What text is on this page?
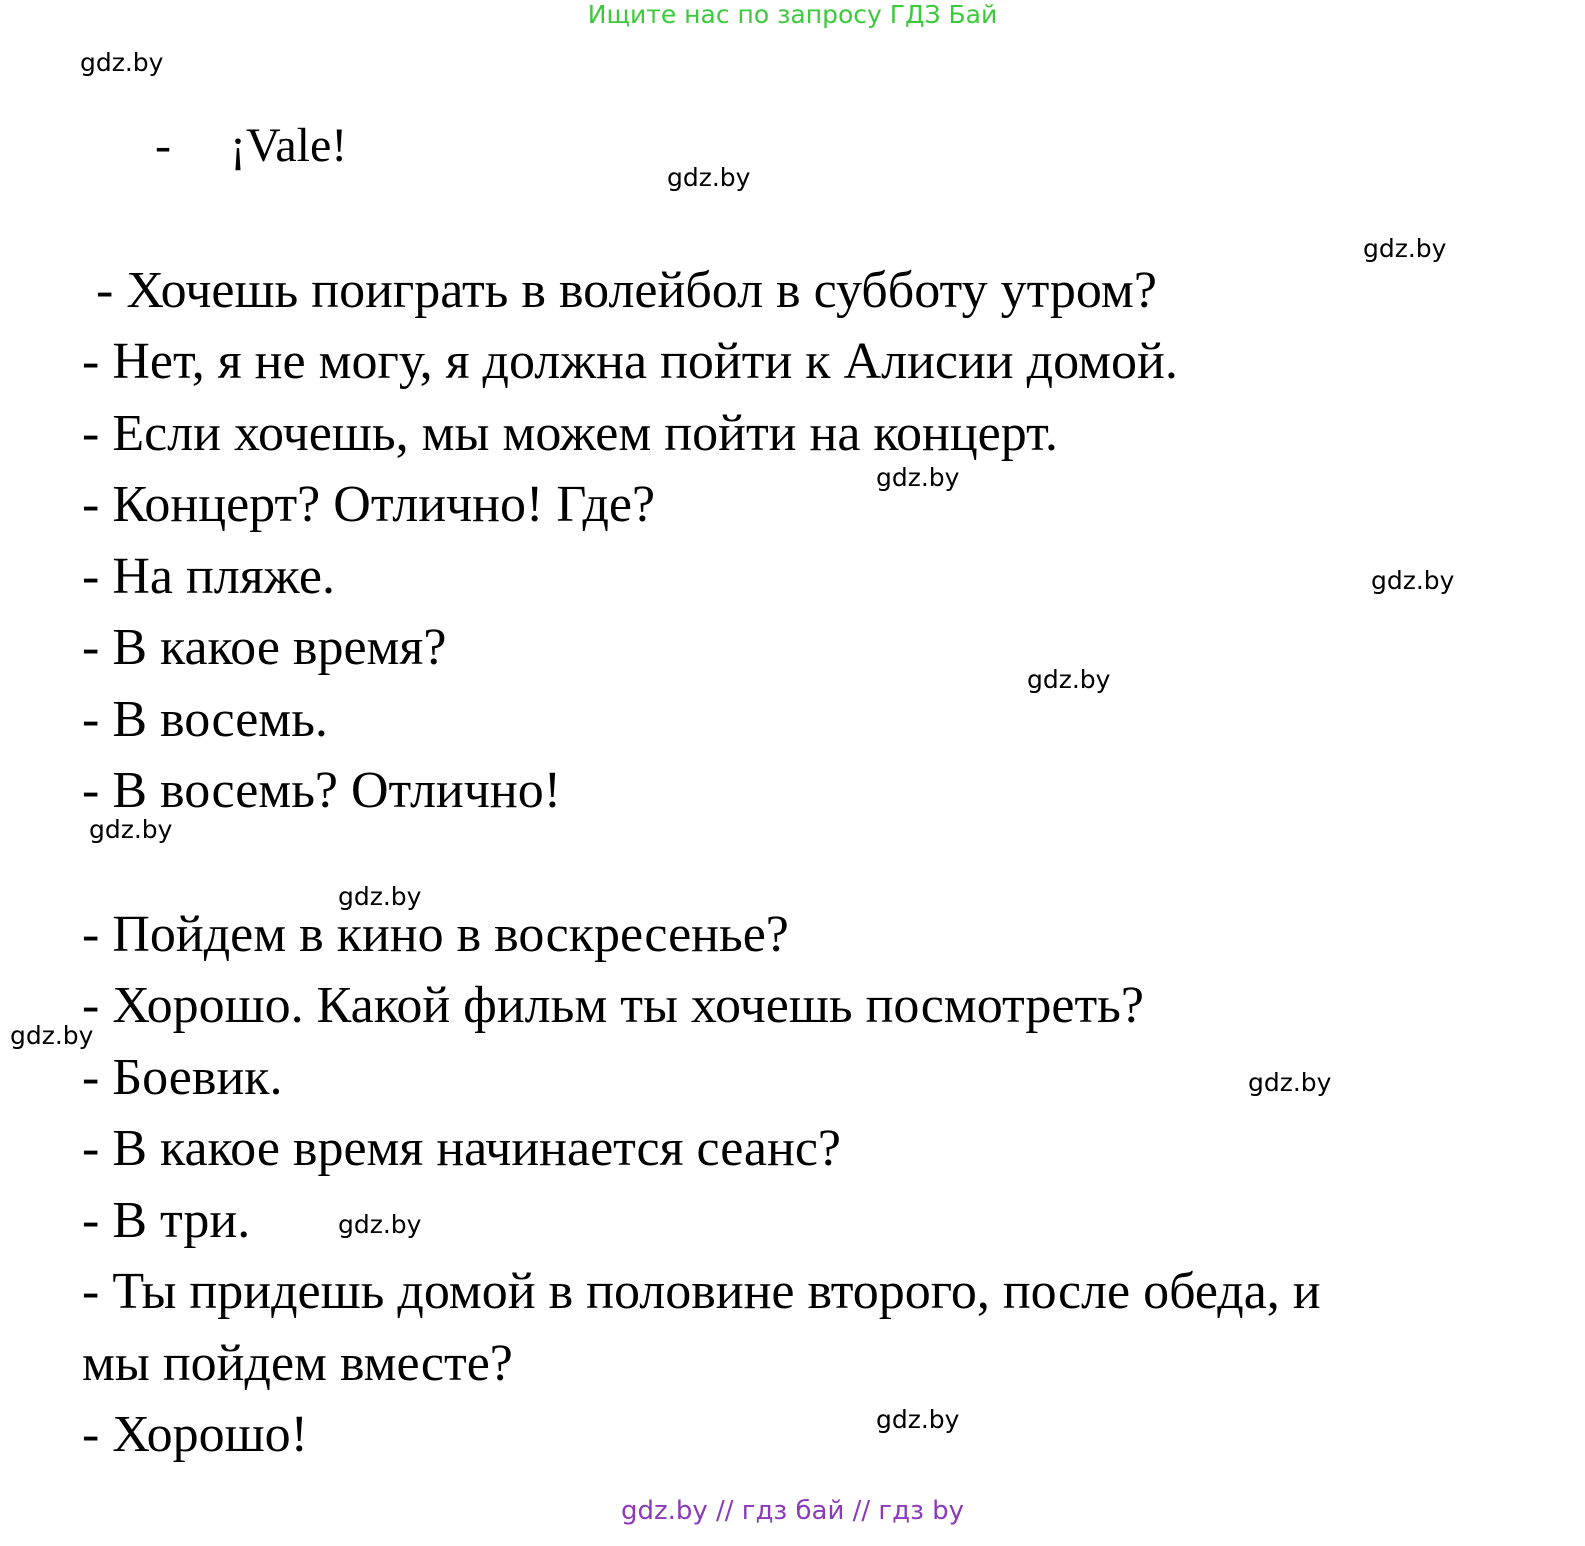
Ищите нас по запросу ГДЗ Бай
gdz.by
gdz.by
gdz.by
gdz.by
gdz.by
gdz.by
gdz.by
gdz.by
gdz.by
gdz.by
gdz.by
gdz.by
- ¡Vale!
- Хочешь поиграть в волейбол в субботу утром?
- Нет, я не могу, я должна пойти к Алисии домой.
- Если хочешь, мы можем пойти на концерт.
- Концерт? Отлично! Где?
- На пляже.
- В какое время?
- В восемь.
- В восемь? Отлично!
- Пойдем в кино в воскресенье?
- Хорошо. Какой фильм ты хочешь посмотреть?
- Боевик.
- В какое время начинается сеанс?
- В три.
- Ты придешь домой в половине второго, после обеда, и
мы пойдем вместе?
- Хорошо!
gdz.by // гдз бай // гдз by
